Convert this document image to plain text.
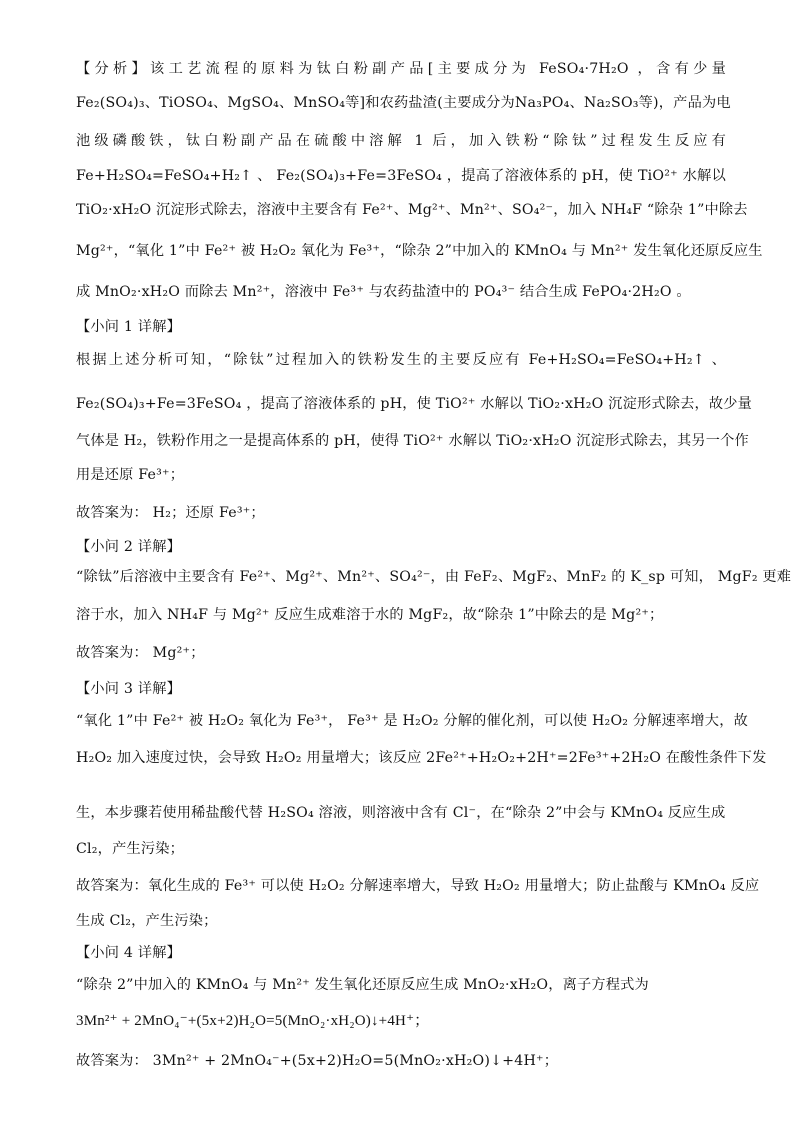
【分析】该工艺流程的原料为钛白粉副产品[主要成分为 FeSO₄·7H₂O ，含有少量
Fe₂(SO₄)₃、TiOSO₄、MgSO₄、MnSO₄等]和农药盐渣(主要成分为Na₃PO₄、Na₂SO₃等)，产品为电
池级磷酸铁，钛白粉副产品在硫酸中溶解 1 后，加入铁粉“除钛”过程发生反应有
Fe+H₂SO₄=FeSO₄+H₂↑ 、 Fe₂(SO₄)₃+Fe=3FeSO₄ ，提高了溶液体系的 pH，使 TiO²⁺ 水解以
TiO₂·xH₂O 沉淀形式除去，溶液中主要含有 Fe²⁺、Mg²⁺、Mn²⁺、SO₄²⁻，加入 NH₄F “除杂 1”中除去
Mg²⁺，“氧化 1”中 Fe²⁺ 被 H₂O₂ 氧化为 Fe³⁺，“除杂 2”中加入的 KMnO₄ 与 Mn²⁺ 发生氧化还原反应生
成 MnO₂·xH₂O 而除去 Mn²⁺，溶液中 Fe³⁺ 与农药盐渣中的 PO₄³⁻ 结合生成 FePO₄·2H₂O 。
【小问 1 详解】
根据上述分析可知，“除钛”过程加入的铁粉发生的主要反应有 Fe+H₂SO₄=FeSO₄+H₂↑ 、
Fe₂(SO₄)₃+Fe=3FeSO₄ ，提高了溶液体系的 pH，使 TiO²⁺ 水解以 TiO₂·xH₂O 沉淀形式除去，故少量
气体是 H₂，铁粉作用之一是提高体系的 pH，使得 TiO²⁺ 水解以 TiO₂·xH₂O 沉淀形式除去，其另一个作
用是还原 Fe³⁺；
故答案为： H₂；还原 Fe³⁺；
【小问 2 详解】
“除钛”后溶液中主要含有 Fe²⁺、Mg²⁺、Mn²⁺、SO₄²⁻，由 FeF₂、MgF₂、MnF₂ 的 K_sp 可知， MgF₂ 更难
溶于水，加入 NH₄F 与 Mg²⁺ 反应生成难溶于水的 MgF₂，故“除杂 1”中除去的是 Mg²⁺；
故答案为： Mg²⁺；
【小问 3 详解】
“氧化 1”中 Fe²⁺ 被 H₂O₂ 氧化为 Fe³⁺， Fe³⁺ 是 H₂O₂ 分解的催化剂，可以使 H₂O₂ 分解速率增大，故
H₂O₂ 加入速度过快，会导致 H₂O₂ 用量增大；该反应 2Fe²⁺+H₂O₂+2H⁺=2Fe³⁺+2H₂O 在酸性条件下发
生，本步骤若使用稀盐酸代替 H₂SO₄ 溶液，则溶液中含有 Cl⁻，在“除杂 2”中会与 KMnO₄ 反应生成
Cl₂，产生污染；
故答案为：氧化生成的 Fe³⁺ 可以使 H₂O₂ 分解速率增大，导致 H₂O₂ 用量增大；防止盐酸与 KMnO₄ 反应
生成 Cl₂，产生污染；
【小问 4 详解】
“除杂 2”中加入的 KMnO₄ 与 Mn²⁺ 发生氧化还原反应生成 MnO₂·xH₂O，离子方程式为
3Mn²⁺ + 2MnO₄⁻+(5x+2)H₂O=5(MnO₂·xH₂O)↓+4H⁺；
故答案为： 3Mn²⁺ + 2MnO₄⁻+(5x+2)H₂O=5(MnO₂·xH₂O)↓+4H⁺；
